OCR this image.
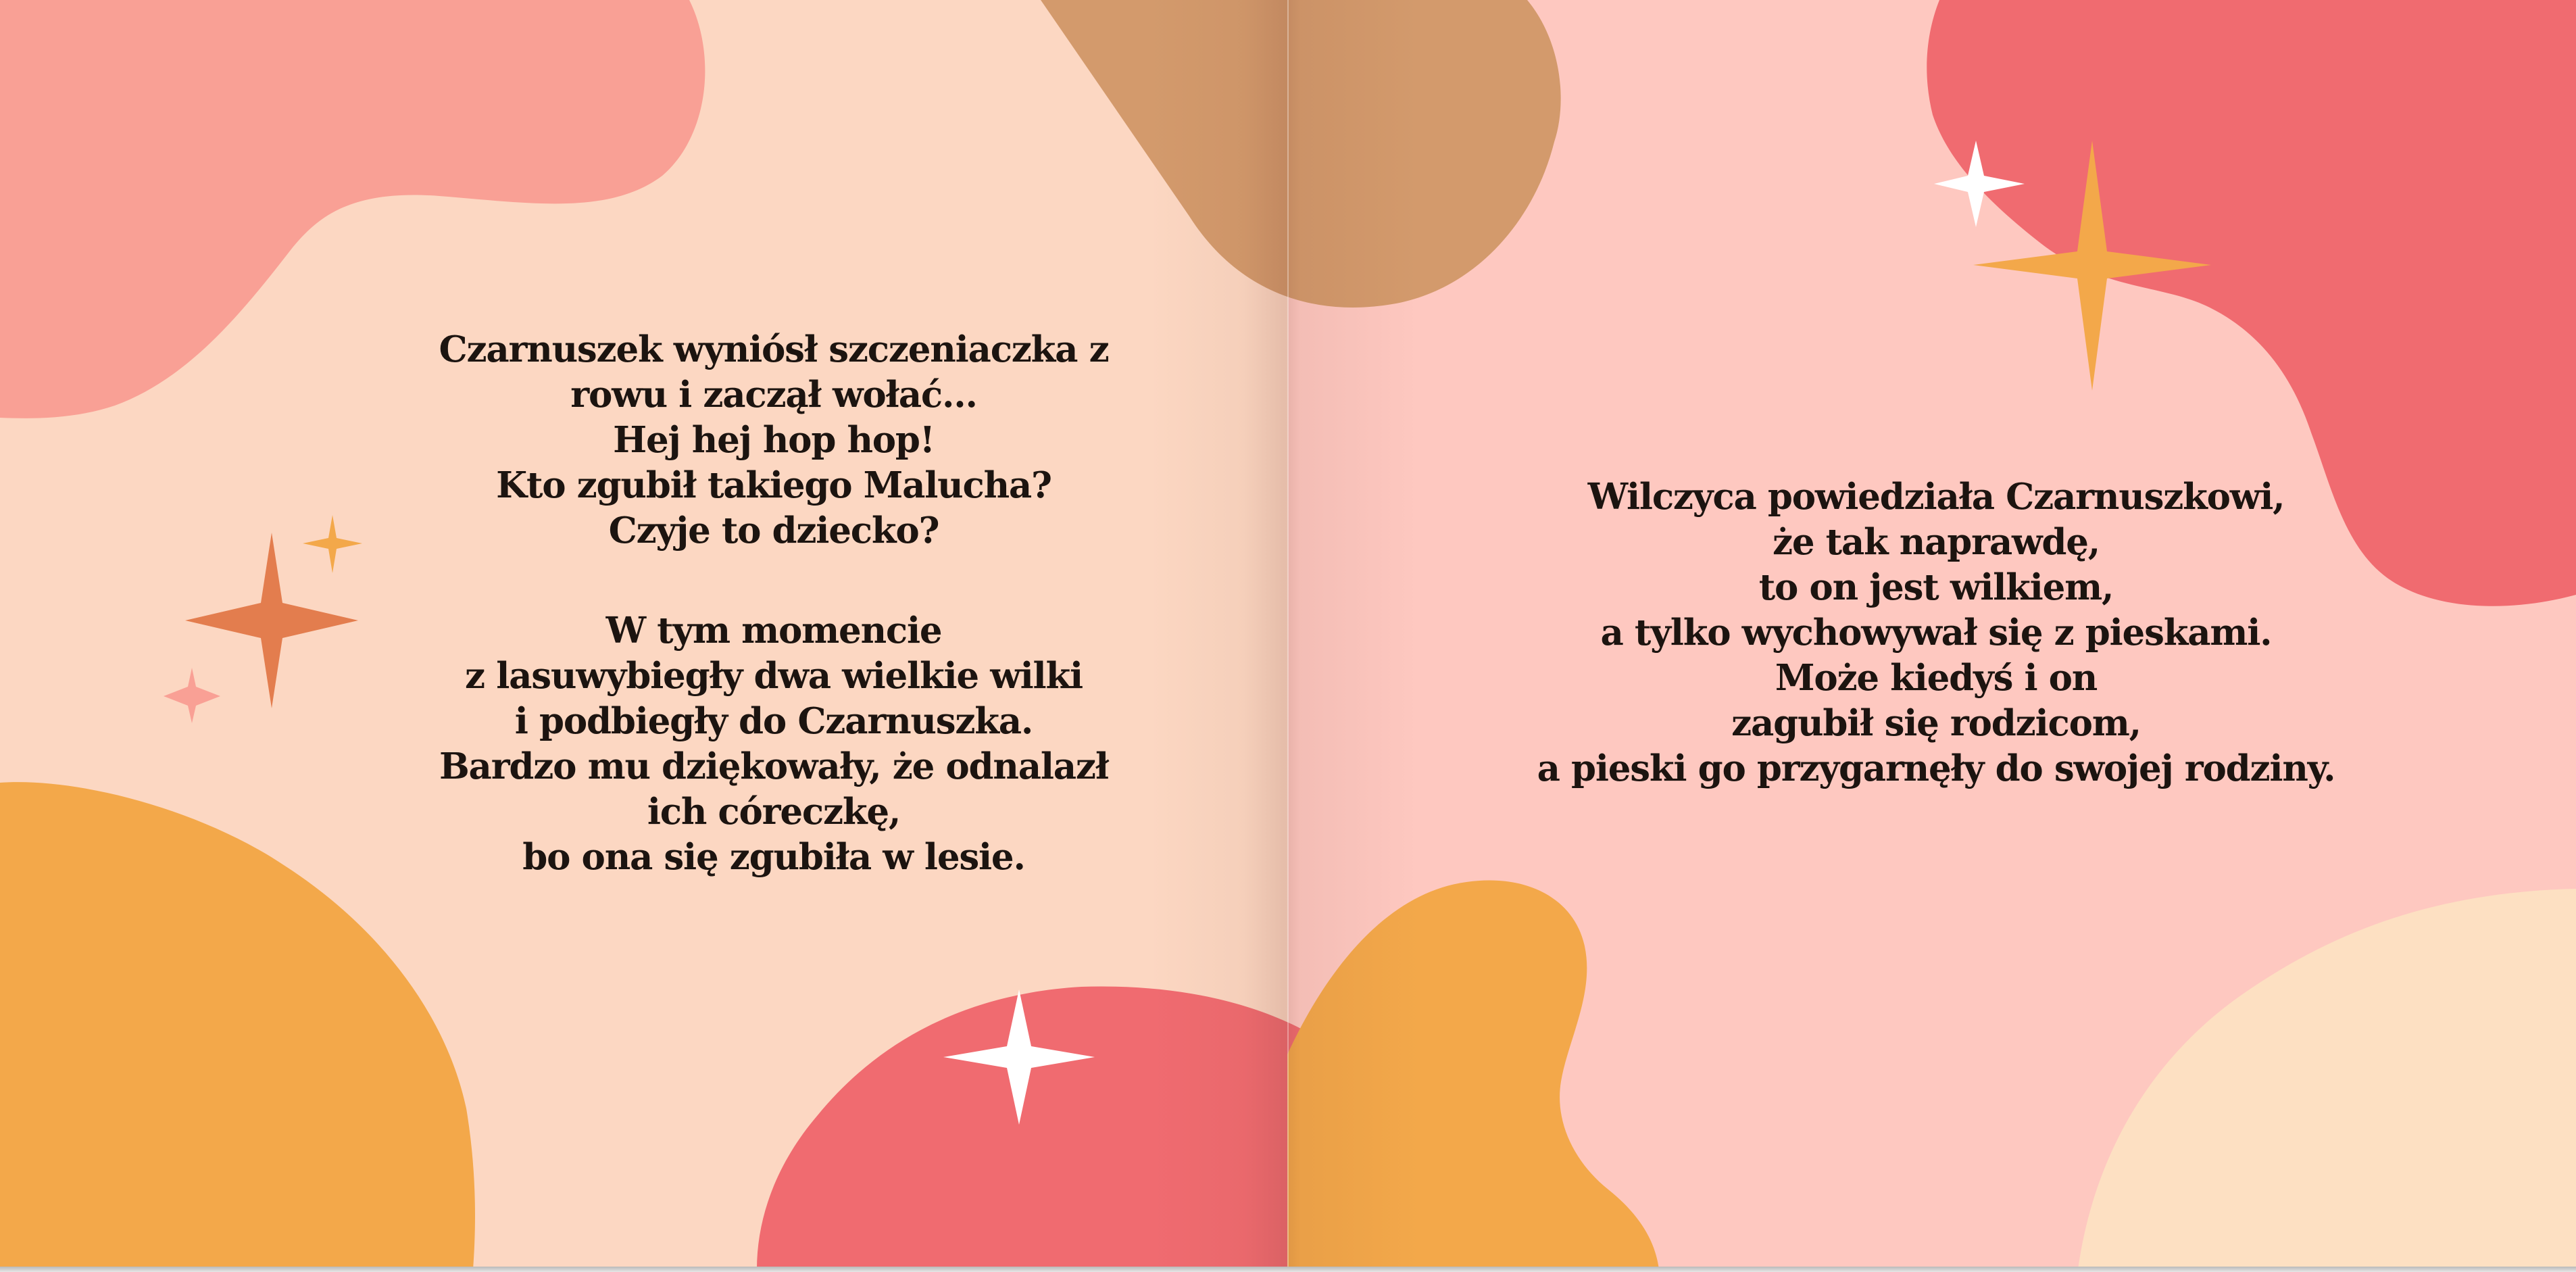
Czarnuszek wyniósł szczeniaczka z
rowu i zaczął wołać...
Hej hej hop hop!
Kto zgubił takiego Malucha?
Czyje to dziecko?
W tym momencie
z lasuwybiegły dwa wielkie wilki
i podbiegły do Czarnuszka.
Bardzo mu dziękowały, że odnalazł
ich córeczkę,
bo ona się zgubiła w lesie.
Wilczyca powiedziała Czarnuszkowi,
że tak naprawdę,
to on jest wilkiem,
a tylko wychowywał się z pieskami.
Może kiedyś i on
zagubił się rodzicom,
a pieski go przygarnęły do swojej rodziny.
